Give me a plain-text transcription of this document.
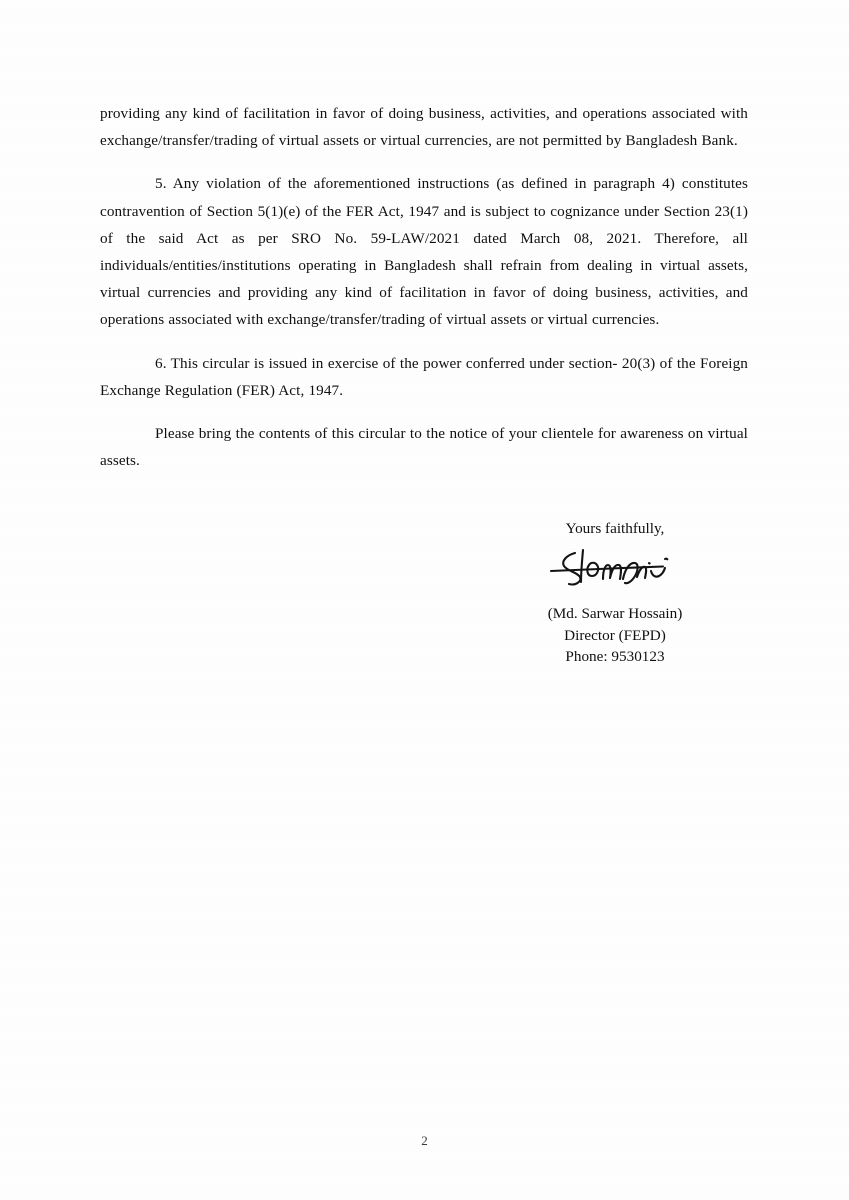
providing any kind of facilitation in favor of doing business, activities, and operations associated with exchange/transfer/trading of virtual assets or virtual currencies, are not permitted by Bangladesh Bank.

5. Any violation of the aforementioned instructions (as defined in paragraph 4) constitutes contravention of Section 5(1)(e) of the FER Act, 1947 and is subject to cognizance under Section 23(1) of the said Act as per SRO No. 59-LAW/2021 dated March 08, 2021. Therefore, all individuals/entities/institutions operating in Bangladesh shall refrain from dealing in virtual assets, virtual currencies and providing any kind of facilitation in favor of doing business, activities, and operations associated with exchange/transfer/trading of virtual assets or virtual currencies.

6. This circular is issued in exercise of the power conferred under section- 20(3) of the Foreign Exchange Regulation (FER) Act, 1947.

Please bring the contents of this circular to the notice of your clientele for awareness on virtual assets.

Yours faithfully,
(Md. Sarwar Hossain)
Director (FEPD)
Phone: 9530123
2
